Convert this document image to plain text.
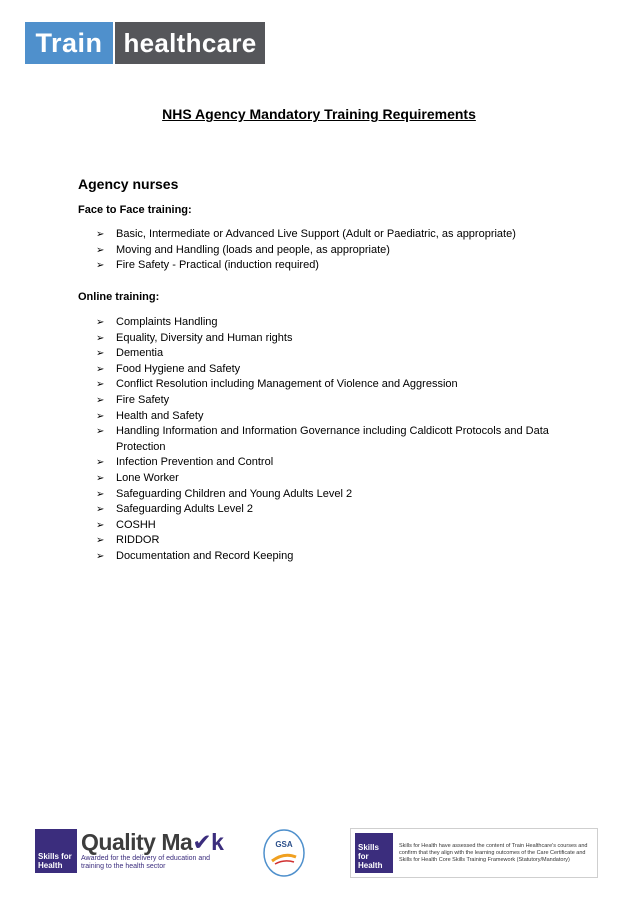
Train healthcare
NHS Agency Mandatory Training Requirements
Agency nurses
Face to Face training:
➢ Basic, Intermediate or Advanced Live Support (Adult or Paediatric, as appropriate)
➢ Moving and Handling (loads and people, as appropriate)
➢ Fire Safety - Practical (induction required)
Online training:
➢ Complaints Handling
➢ Equality, Diversity and Human rights
➢ Dementia
➢ Food Hygiene and Safety
➢ Conflict Resolution including Management of Violence and Aggression
➢ Fire Safety
➢ Health and Safety
➢ Handling Information and Information Governance including Caldicott Protocols and Data Protection
➢ Infection Prevention and Control
➢ Lone Worker
➢ Safeguarding Children and Young Adults Level 2
➢ Safeguarding Adults Level 2
➢ COSHH
➢ RIDDOR
➢ Documentation and Record Keeping
Skills for Health
Quality Ma✔k
Awarded for the delivery of education and training to the health sector
GSA	Skills for Health
Skills for Health have assessed the content of Train Healthcare's courses and confirm that they align with the learning outcomes of the Care Certificate and Skills for Health Core Skills Training Framework (Statutory/Mandatory)
